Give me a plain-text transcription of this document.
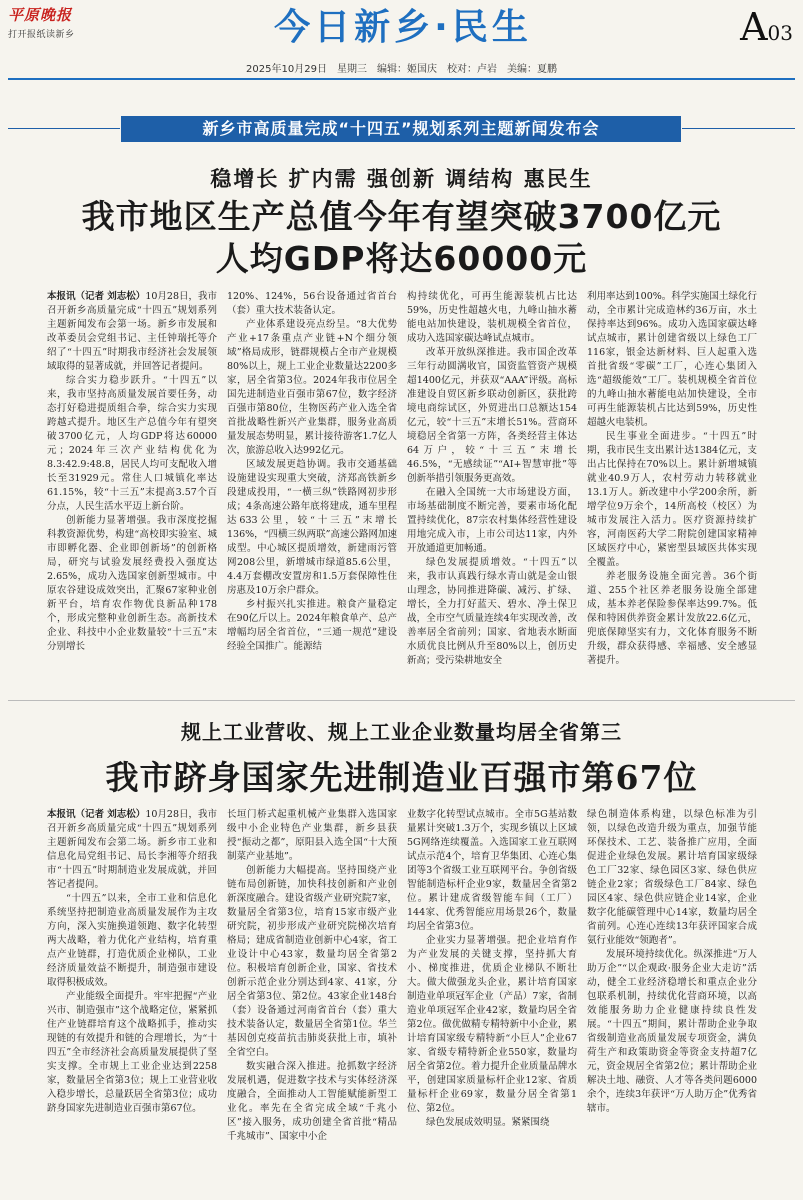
平原晚报
打开报纸读新乡	今日新乡·民生	A03
2025年10月29日　星期三　编辑：姬国庆　校对：卢岩　美编：夏鹏
新乡市高质量完成“十四五”规划系列主题新闻发布会
稳增长 扩内需 强创新 调结构 惠民生
我市地区生产总值今年有望突破3700亿元
人均GDP将达60000元

本报讯（记者 刘志松）10月28日，我市召开新乡高质量完成“十四五”规划系列主题新闻发布会第一场。新乡市发展和改革委员会党组书记、主任钟瑞托等介绍了“十四五”时期我市经济社会发展领域取得的显著成就，并回答记者提问。

综合实力稳步跃升。“十四五”以来，我市坚持高质量发展首要任务，动态打好稳进提质组合拳，综合实力实现跨越式提升。地区生产总值今年有望突破3700亿元，人均GDP将达60000元；2024年三次产业结构优化为8.3:42.9:48.8，居民人均可支配收入增长至31929元。常住人口城镇化率达61.15%，较“十三五”末提高3.57个百分点，人民生活水平迈上新台阶。

创新能力显著增强。我市深度挖掘科教资源优势，构建“高校即实验室、城市即孵化器、企业即创新场”的创新格局，研究与试验发展经费投入强度达2.65%，成功入选国家创新型城市。中原农谷建设成效突出，汇聚67家种业创新平台，培育农作物优良新品种178个，形成完整种业创新生态。高新技术企业、科技中小企业数量较“十三五”末分别增长

120%、124%，56台设备通过省首台（套）重大技术装备认定。

产业体系建设亮点纷呈。“8大优势产业+17条重点产业链+N个细分领域”格局成形，链群规模占全市产业规模80%以上，规上工业企业数量达2200多家，居全省第3位。2024年我市位居全国先进制造业百强市第67位，数字经济百强市第80位，生物医药产业入选全省首批战略性新兴产业集群，服务业高质量发展态势明显，累计接待游客1.7亿人次，旅游总收入达992亿元。

区域发展更趋协调。我市交通基础设施建设实现重大突破，济郑高铁新乡段建成投用，“一横三纵”铁路网初步形成；4条高速公路年底将建成，通车里程达633公里，较“十三五”末增长136%，“四横三纵两联”高速公路网加速成型。中心城区提质增效，新建雨污管网208公里，新增城市绿道85.6公里，4.4万套棚改安置房和1.5万套保障性住房惠及10万余户群众。

乡村振兴扎实推进。粮食产量稳定在90亿斤以上。2024年粮食单产、总产增幅均居全省首位，“三通一规范”建设经验全国推广。能源结

构持续优化，可再生能源装机占比达59%，历史性超越火电，九峰山抽水蓄能电站加快建设，装机规模全省首位，成功入选国家碳达峰试点城市。

改革开放纵深推进。我市国企改革三年行动圆满收官，国资监管资产规模超1400亿元，并获双“AAA”评级。高标准建设自贸区新乡联动创新区，获批跨境电商综试区，外贸进出口总额达154亿元，较“十三五”末增长51%。营商环境稳居全省第一方阵，各类经营主体达64万户，较“十三五”末增长46.5%，“无感续证”“AI+智慧审批”等创新举措引领服务更高效。

在融入全国统一大市场建设方面，市场基础制度不断完善，要素市场化配置持续优化，87宗农村集体经营性建设用地完成入市，上市公司达11家，内外开放通道更加畅通。

绿色发展提质增效。“十四五”以来，我市认真践行绿水青山就是金山银山理念，协同推进降碳、减污、扩绿、增长，全力打好蓝天、碧水、净土保卫战，全市空气质量连续4年实现改善，改善率居全省前列；国家、省地表水断面水质优良比例从升至80%以上，创历史新高；受污染耕地安全

利用率达到100%。科学实施国土绿化行动，全市累计完成造林约36万亩，水土保持率达到96%。成功入选国家碳达峰试点城市，累计创建省级以上绿色工厂116家，银金达新材料、巨人起重入选首批省级“零碳”工厂，心连心集团入选“超级能效”工厂。装机规模全省首位的九峰山抽水蓄能电站加快建设，全市可再生能源装机占比达到59%，历史性超越火电装机。

民生事业全面进步。“十四五”时期，我市民生支出累计达1384亿元，支出占比保持在70%以上。累计新增城镇就业40.9万人，农村劳动力转移就业13.1万人。新改建中小学200余所，新增学位9万余个，14所高校（校区）为城市发展注入活力。医疗资源持续扩容，河南医药大学二附院创建国家精神区域医疗中心，紧密型县域医共体实现全覆盖。

养老服务设施全面完善。36个街道、255个社区养老服务设施全部建成，基本养老保险参保率达99.7%。低保和特困供养资金累计发放22.6亿元，兜底保障坚实有力，文化体育服务不断升级，群众获得感、幸福感、安全感显著提升。

规上工业营收、规上工业企业数量均居全省第三
我市跻身国家先进制造业百强市第67位

本报讯（记者 刘志松）10月28日，我市召开新乡高质量完成“十四五”规划系列主题新闻发布会第二场。新乡市工业和信息化局党组书记、局长李湘等介绍我市“十四五”时期制造业发展成就，并回答记者提问。

“十四五”以来，全市工业和信息化系统坚持把制造业高质量发展作为主攻方向，深入实施换道领跑、数字化转型两大战略，着力优化产业结构，培育重点产业链群，打造优质企业梯队，工业经济质量效益不断提升，制造强市建设取得积极成效。

产业能级全面提升。牢牢把握“产业兴市、制造强市”这个战略定位，紧紧抓住产业链群培育这个战略抓手，推动实现链的有效提升和链的合理增长，为“十四五”全市经济社会高质量发展提供了坚实支撑。全市规上工业企业达到2258家，数量居全省第3位；规上工业营业收入稳步增长，总量跃居全省第3位；成功跻身国家先进制造业百强市第67位。

长垣门桥式起重机械产业集群入选国家级中小企业特色产业集群，新乡县获授“振动之都”，原阳县入选全国“十大预制菜产业基地”。

创新能力大幅提高。坚持围绕产业链布局创新链，加快科技创新和产业创新深度融合。建设省级产业研究院7家，数量居全省第3位，培育15家市级产业研究院，初步形成产业研究院梯次培育格局；建成省制造业创新中心4家，省工业设计中心43家，数量均居全省第2位。积极培育创新企业，国家、省技术创新示范企业分别达到4家、41家，分居全省第3位、第2位。43家企业148台（套）设备通过河南省首台（套）重大技术装备认定，数量居全省第1位。华兰基因创克疫苗抗击肺炎获批上市，填补全省空白。

数实融合深入推进。抢抓数字经济发展机遇，促进数字技术与实体经济深度融合，全面推动人工智能赋能新型工业化。率先在全省完成全域“千兆小区”接入服务，成功创建全省首批“精品千兆城市”、国家中小企

业数字化转型试点城市。全市5G基站数量累计突破1.3万个，实现乡镇以上区域5G网络连续覆盖。入选国家工业互联网试点示范4个，培育卫华集团、心连心集团等3个省级工业互联网平台。争创省级智能制造标杆企业9家，数量居全省第2位。累计建成省级智能车间（工厂）144家、优秀智能应用场景26个，数量均居全省第3位。

企业实力显著增强。把企业培育作为产业发展的关键支撑，坚持抓大育小、梯度推进，优质企业梯队不断壮大。做大做强龙头企业，累计培育国家制造业单项冠军企业（产品）7家，省制造业单项冠军企业42家，数量均居全省第2位。做优做精专精特新中小企业，累计培育国家级专精特新“小巨人”企业67家、省级专精特新企业550家，数量均居全省第2位。着力提升企业质量品牌水平，创建国家质量标杆企业12家、省质量标杆企业69家，数量分居全省第1位、第2位。

绿色发展成效明显。紧紧围绕

绿色制造体系构建，以绿色标准为引领，以绿色改造升级为重点，加强节能环保技术、工艺、装备推广应用，全面促进企业绿色发展。累计培育国家级绿色工厂32家、绿色园区3家、绿色供应链企业2家；省级绿色工厂84家、绿色园区4家、绿色供应链企业14家，企业数字化能碳管理中心14家，数量均居全省前列。心连心连续13年获评国家合成氨行业能效“领跑者”。

发展环境持续优化。纵深推进“万人助万企”“以企观政·服务企业大走访”活动，健全工业经济稳增长和重点企业分包联系机制，持续优化营商环境，以高效能服务助力企业健康持续良性发展。“十四五”期间，累计帮助企业争取省级制造业高质量发展专项资金，满负荷生产和政策助资金等资金支持超7亿元，资金规居全省第2位；累计帮助企业解决土地、融资、人才等各类问题6000余个，连续3年获评“万人助万企”优秀省辖市。
